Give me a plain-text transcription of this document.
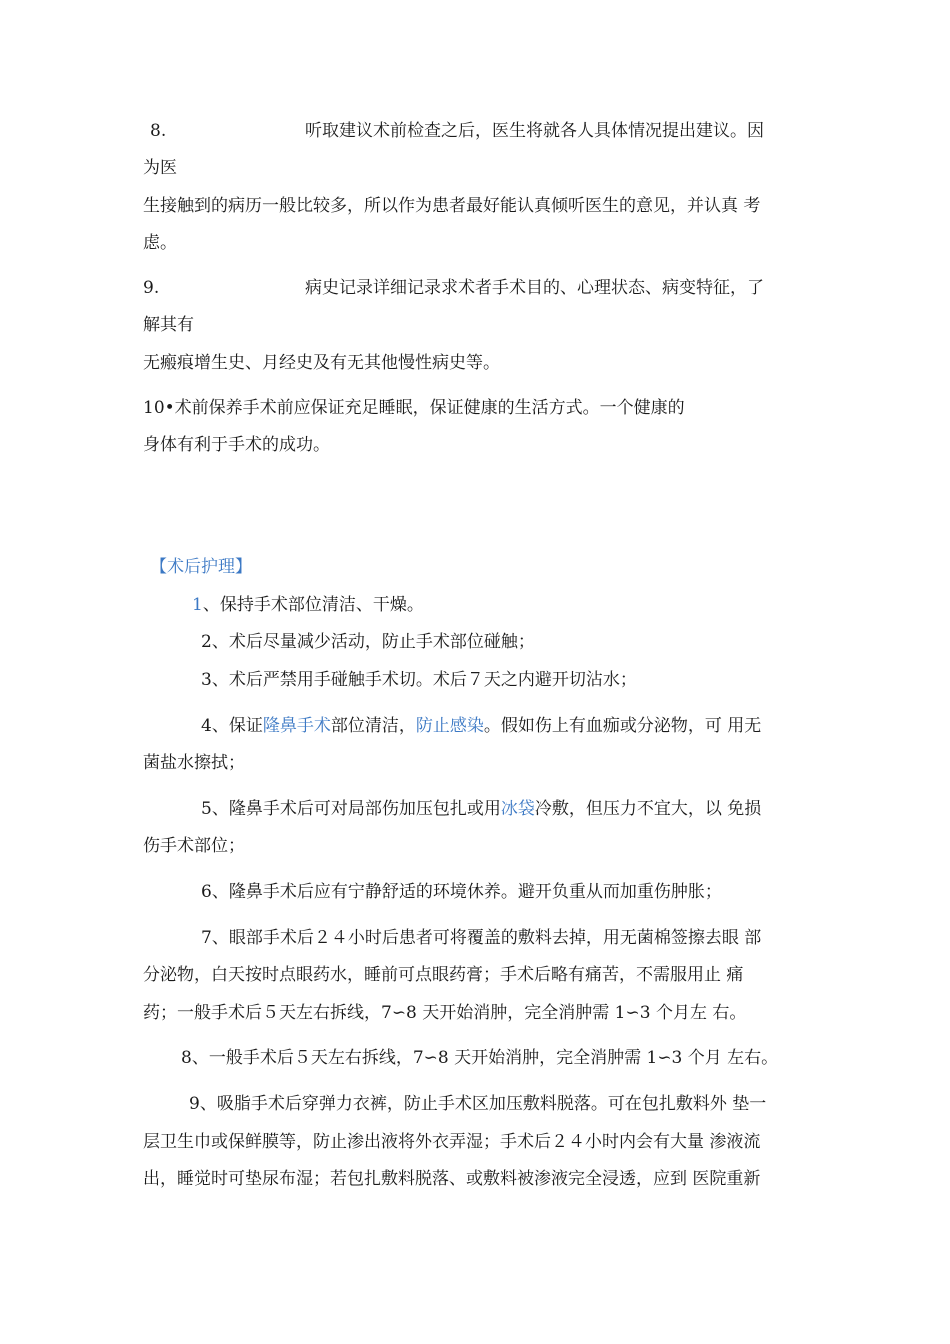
8.	听取建议术前检查之后，医生将就各人具体情况提出建议。因
为医
生接触到的病历一般比较多，所以作为患者最好能认真倾听医生的意见，并认真 考
虑。
9.	病史记录详细记录求术者手术目的、心理状态、病变特征，了
解其有
无瘢痕增生史、月经史及有无其他慢性病史等。
10•术前保养手术前应保证充足睡眠，保证健康的生活方式。一个健康的
身体有利于手术的成功。
【术后护理】
1、保持手术部位清洁、干燥。
2、术后尽量减少活动，防止手术部位碰触；
3、术后严禁用手碰触手术切。术后７天之内避开切沾水；
4、保证隆鼻手术部位清洁，防止感染。假如伤上有血痂或分泌物，可 用无
菌盐水擦拭；
5、隆鼻手术后可对局部伤加压包扎或用冰袋冷敷，但压力不宜大，以 免损
伤手术部位；
6、隆鼻手术后应有宁静舒适的环境休养。避开负重从而加重伤肿胀；
7、眼部手术后２４小时后患者可将覆盖的敷料去掉，用无菌棉签擦去眼 部
分泌物，白天按时点眼药水，睡前可点眼药膏；手术后略有痛苦，不需服用止 痛
药；一般手术后５天左右拆线，7∽8 天开始消肿，完全消肿需 1∽3 个月左 右。
8、一般手术后５天左右拆线，7∽8 天开始消肿，完全消肿需 1∽3 个月 左右。
9、吸脂手术后穿弹力衣裤，防止手术区加压敷料脱落。可在包扎敷料外 垫一
层卫生巾或保鲜膜等，防止渗出液将外衣弄湿；手术后２４小时内会有大量 渗液流
出，睡觉时可垫尿布湿；若包扎敷料脱落、或敷料被渗液完全浸透，应到 医院重新
